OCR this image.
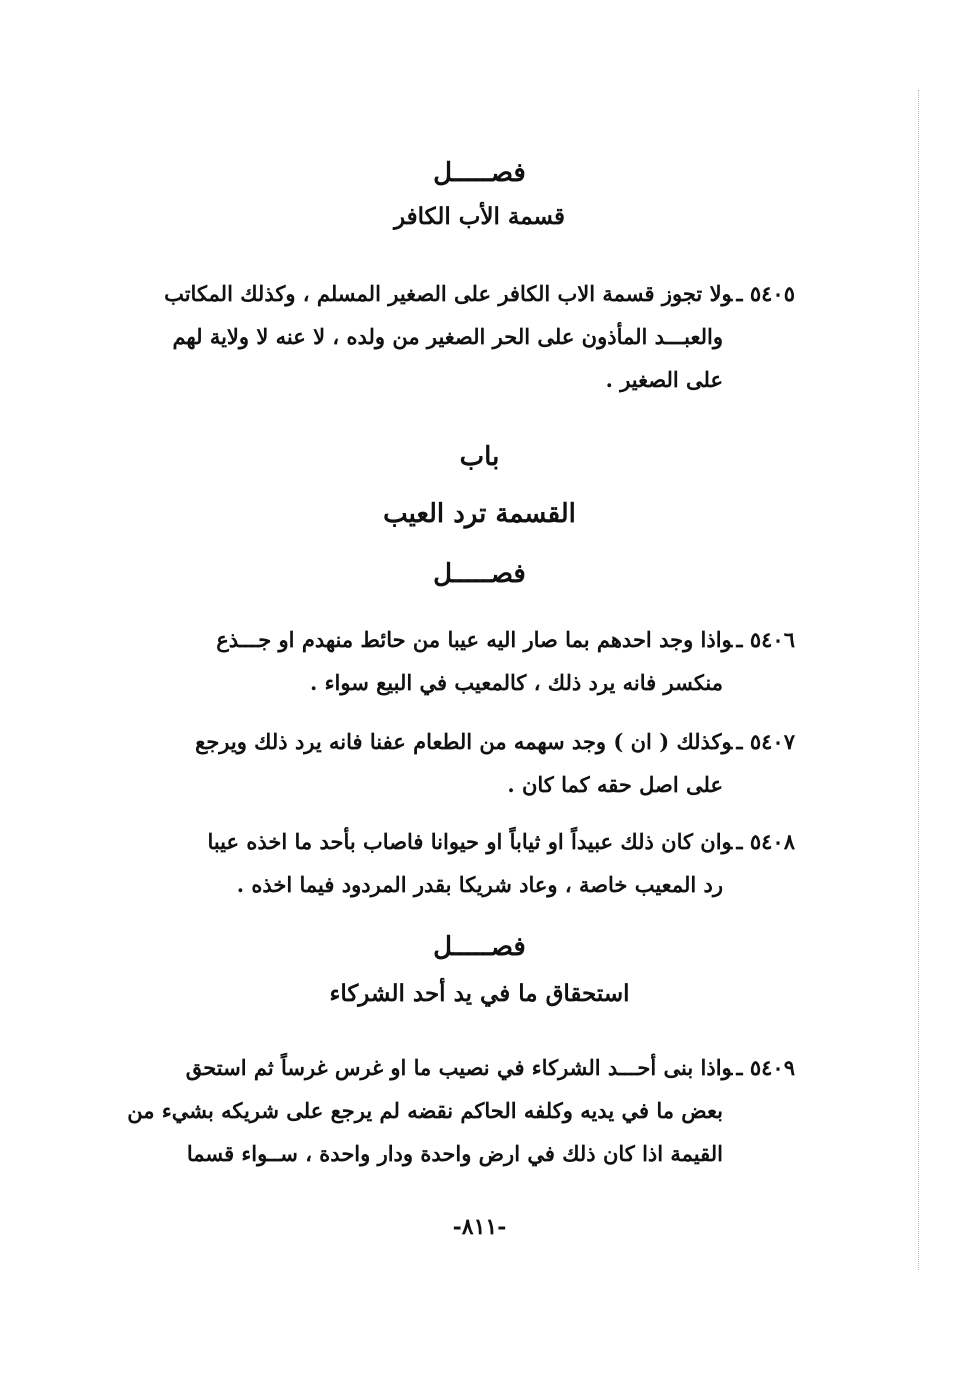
فصـــــل
قسمة الأب الكافر
٥٤٠٥ ـولا تجوز قسمة الاب الكافر على الصغير المسلم ، وكذلك المكاتب
والعبـــد المأذون على الحر الصغير من ولده ، لا عنه لا ولاية لهم
على الصغير .
باب
القسمة ترد العيب
فصـــــل
٥٤٠٦ ـواذا وجد احدهم بما صار اليه عيبا من حائط منهدم او جـــذع
منكسر فانه يرد ذلك ، كالمعيب في البيع سواء .
٥٤٠٧ ـوكذلك ( ان ) وجد سهمه من الطعام عفنا فانه يرد ذلك ويرجع
على اصل حقه كما كان .
٥٤٠٨ ـوان كان ذلك عبيداً او ثياباً او حيوانا فاصاب بأحد ما اخذه عيبا
رد المعيب خاصة ، وعاد شريكا بقدر المردود فيما اخذه .
فصـــــل
استحقاق ما في يد أحد الشركاء
٥٤٠٩ ـواذا بنى أحـــد الشركاء في نصيب ما او غرس غرساً ثم استحق
بعض ما في يديه وكلفه الحاكم نقضه لم يرجع على شريكه بشيء من
القيمة اذا كان ذلك في ارض واحدة ودار واحدة ، ســواء قسما
-٨١١-
